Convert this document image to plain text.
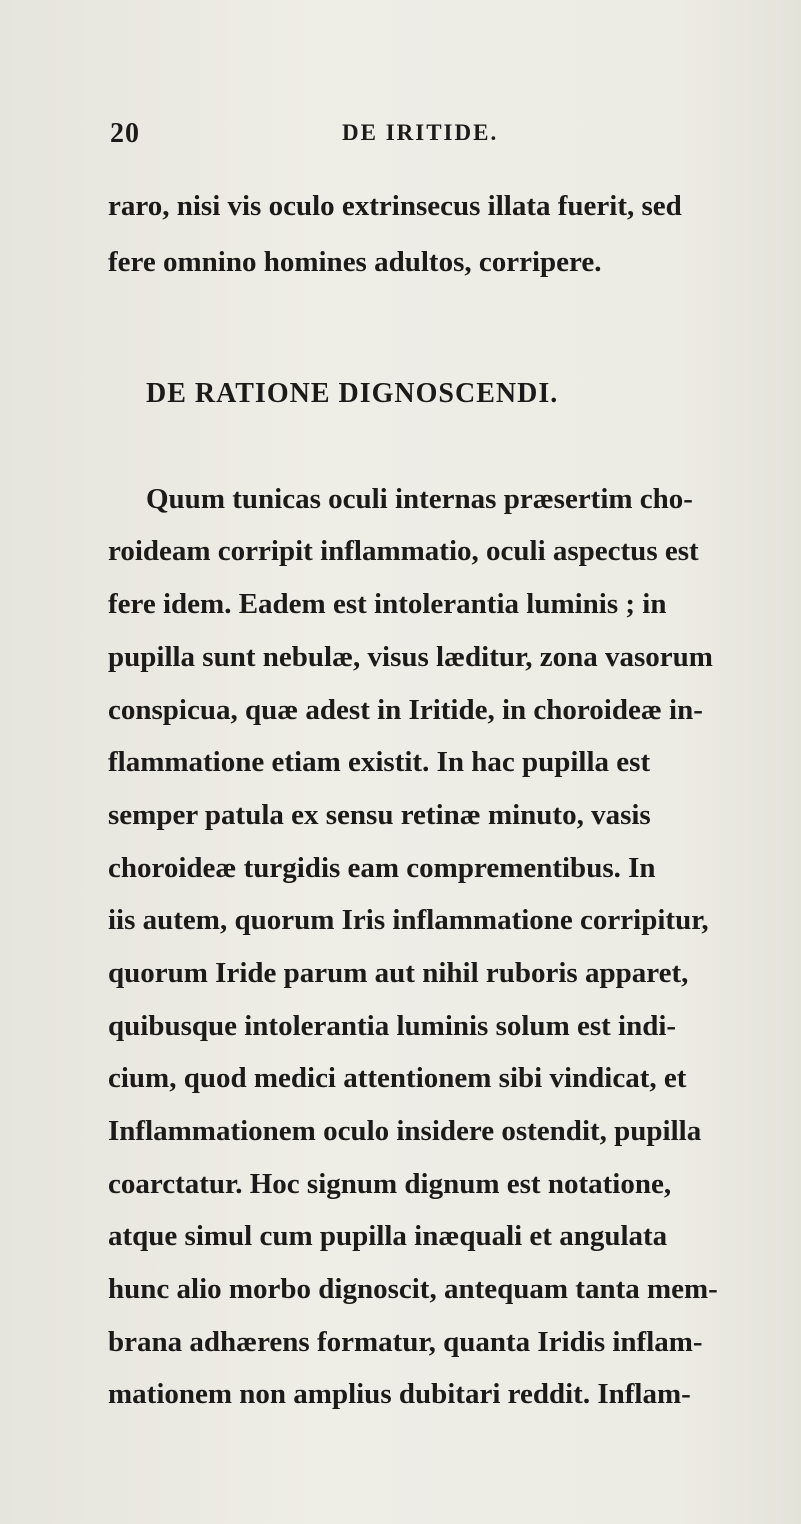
20	DE IRITIDE.
raro, nisi vis oculo extrinsecus illata fuerit, sed
fere omnino homines adultos, corripere.
DE RATIONE DIGNOSCENDI.
Quum tunicas oculi internas præsertim cho-
roideam corripit inflammatio, oculi aspectus est
fere idem. Eadem est intolerantia luminis ; in
pupilla sunt nebulæ, visus læditur, zona vasorum
conspicua, quæ adest in Iritide, in choroideæ in-
flammatione etiam existit. In hac pupilla est
semper patula ex sensu retinæ minuto, vasis
choroideæ turgidis eam comprementibus. In
iis autem, quorum Iris inflammatione corripitur,
quorum Iride parum aut nihil ruboris apparet,
quibusque intolerantia luminis solum est indi-
cium, quod medici attentionem sibi vindicat, et
Inflammationem oculo insidere ostendit, pupilla
coarctatur. Hoc signum dignum est notatione,
atque simul cum pupilla inæquali et angulata
hunc alio morbo dignoscit, antequam tanta mem-
brana adhærens formatur, quanta Iridis inflam-
mationem non amplius dubitari reddit. Inflam-
